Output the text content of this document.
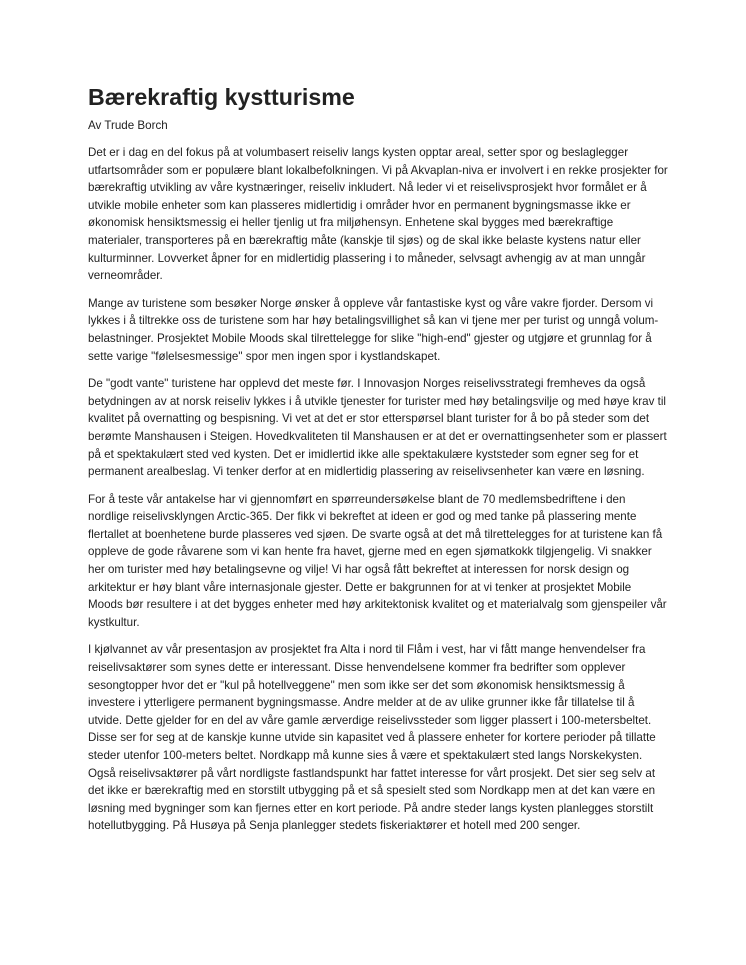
Bærekraftig kystturisme

Av Trude Borch

Det er i dag en del fokus på at volumbasert reiseliv langs kysten opptar areal, setter spor og beslaglegger utfartsområder som er populære blant lokalbefolkningen. Vi på Akvaplan-niva er involvert i en rekke prosjekter for bærekraftig utvikling av våre kystnæringer, reiseliv inkludert. Nå leder vi et reiselivsprosjekt hvor formålet er å utvikle mobile enheter som kan plasseres midlertidig i områder hvor en permanent bygningsmasse ikke er økonomisk hensiktsmessig ei heller tjenlig ut fra miljøhensyn. Enhetene skal bygges med bærekraftige materialer, transporteres på en bærekraftig måte (kanskje til sjøs) og de skal ikke belaste kystens natur eller kulturminner. Lovverket åpner for en midlertidig plassering i to måneder, selvsagt avhengig av at man unngår verneområder.

Mange av turistene som besøker Norge ønsker å oppleve vår fantastiske kyst og våre vakre fjorder. Dersom vi lykkes i å tiltrekke oss de turistene som har høy betalingsvillighet så kan vi tjene mer per turist og unngå volum-belastninger. Prosjektet Mobile Moods skal tilrettelegge for slike "high-end" gjester og utgjøre et grunnlag for å sette varige "følelsesmessige" spor men ingen spor i kystlandskapet.

De "godt vante" turistene har opplevd det meste før. I Innovasjon Norges reiselivsstrategi fremheves da også betydningen av at norsk reiseliv lykkes i å utvikle tjenester for turister med høy betalingsvilje og med høye krav til kvalitet på overnatting og bespisning. Vi vet at det er stor etterspørsel blant turister for å bo på steder som det berømte Manshausen i Steigen. Hovedkvaliteten til Manshausen er at det er overnattingsenheter som er plassert på et spektakulært sted ved kysten. Det er imidlertid ikke alle spektakulære kyststeder som egner seg for et permanent arealbeslag. Vi tenker derfor at en midlertidig plassering av reiselivsenheter kan være en løsning.

For å teste vår antakelse har vi gjennomført en spørreundersøkelse blant de 70 medlemsbedriftene i den nordlige reiselivsklyngen Arctic-365. Der fikk vi bekreftet at ideen er god og med tanke på plassering mente flertallet at boenhetene burde plasseres ved sjøen. De svarte også at det må tilrettelegges for at turistene kan få oppleve de gode råvarene som vi kan hente fra havet, gjerne med en egen sjømatkokk tilgjengelig. Vi snakker her om turister med høy betalingsevne og vilje! Vi har også fått bekreftet at interessen for norsk design og arkitektur er høy blant våre internasjonale gjester. Dette er bakgrunnen for at vi tenker at prosjektet Mobile Moods bør resultere i at det bygges enheter med høy arkitektonisk kvalitet og et materialvalg som gjenspeiler vår kystkultur.

I kjølvannet av vår presentasjon av prosjektet fra Alta i nord til Flåm i vest, har vi fått mange henvendelser fra reiselivsaktører som synes dette er interessant. Disse henvendelsene kommer fra bedrifter som opplever sesongtopper hvor det er "kul på hotellveggene" men som ikke ser det som økonomisk hensiktsmessig å investere i ytterligere permanent bygningsmasse. Andre melder at de av ulike grunner ikke får tillatelse til å utvide. Dette gjelder for en del av våre gamle ærverdige reiselivssteder som ligger plassert i 100-metersbeltet. Disse ser for seg at de kanskje kunne utvide sin kapasitet ved å plassere enheter for kortere perioder på tillatte steder utenfor 100-meters beltet. Nordkapp må kunne sies å være et spektakulært sted langs Norskekysten. Også reiselivsaktører på vårt nordligste fastlandspunkt har fattet interesse for vårt prosjekt. Det sier seg selv at det ikke er bærekraftig med en storstilt utbygging på et så spesielt sted som Nordkapp men at det kan være en løsning med bygninger som kan fjernes etter en kort periode. På andre steder langs kysten planlegges storstilt hotellutbygging. På Husøya på Senja planlegger stedets fiskeriaktører et hotell med 200 senger.
